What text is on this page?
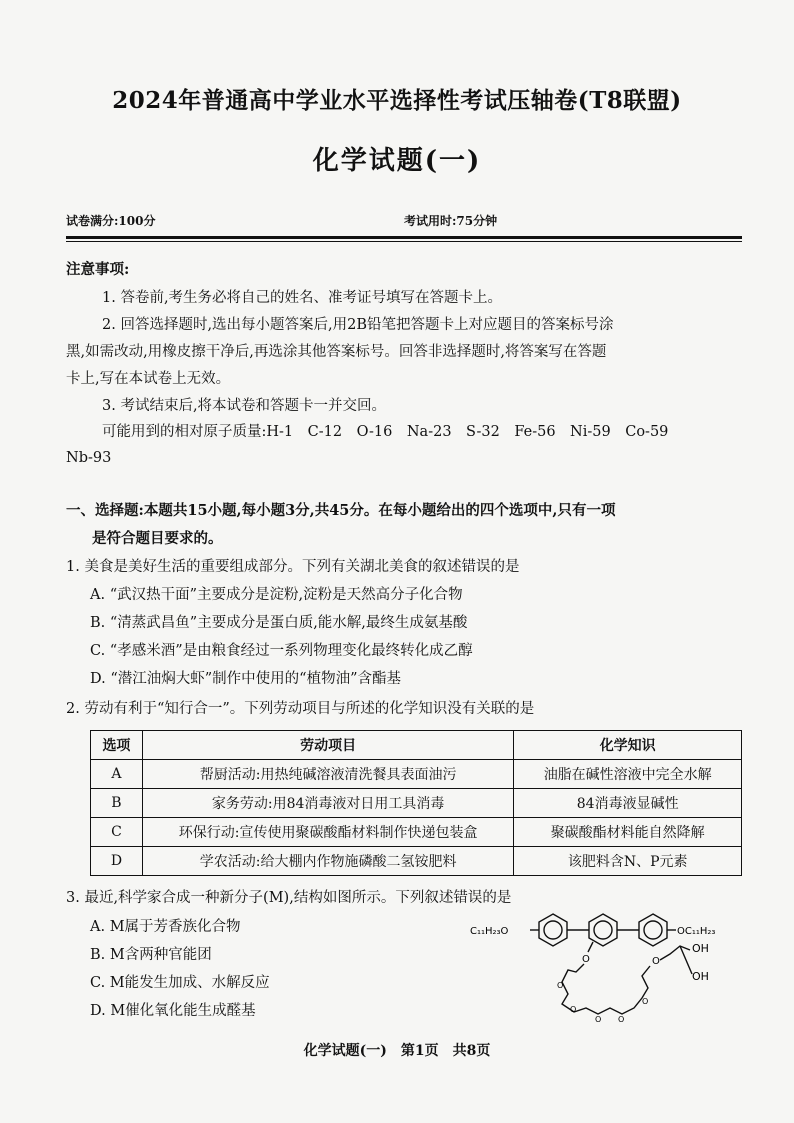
2024年普通高中学业水平选择性考试压轴卷(T8联盟)
化学试题(一)
试卷满分:100分	考试用时:75分钟
注意事项:
1. 答卷前,考生务必将自己的姓名、准考证号填写在答题卡上。
2. 回答选择题时,选出每小题答案后,用2B铅笔把答题卡上对应题目的答案标号涂
黑,如需改动,用橡皮擦干净后,再选涂其他答案标号。回答非选择题时,将答案写在答题
卡上,写在本试卷上无效。
3. 考试结束后,将本试卷和答题卡一并交回。
可能用到的相对原子质量:H-1　C-12　O-16　Na-23　S-32　Fe-56　Ni-59　Co-59
Nb-93
一、选择题:本题共15小题,每小题3分,共45分。在每小题给出的四个选项中,只有一项
是符合题目要求的。
1. 美食是美好生活的重要组成部分。下列有关湖北美食的叙述错误的是
A. “武汉热干面”主要成分是淀粉,淀粉是天然高分子化合物
B. “清蒸武昌鱼”主要成分是蛋白质,能水解,最终生成氨基酸
C. “孝感米酒”是由粮食经过一系列物理变化最终转化成乙醇
D. “潜江油焖大虾”制作中使用的“植物油”含酯基
2. 劳动有利于“知行合一”。下列劳动项目与所述的化学知识没有关联的是
选项	劳动项目	化学知识
A	帮厨活动:用热纯碱溶液清洗餐具表面油污	油脂在碱性溶液中完全水解
B	家务劳动:用84消毒液对日用工具消毒	84消毒液显碱性
C	环保行动:宣传使用聚碳酸酯材料制作快递包装盒	聚碳酸酯材料能自然降解
D	学农活动:给大棚内作物施磷酸二氢铵肥料	该肥料含N、P元素
3. 最近,科学家合成一种新分子(M),结构如图所示。下列叙述错误的是
A. M属于芳香族化合物
B. M含两种官能团
C. M能发生加成、水解反应
D. M催化氧化能生成醛基
C₁₁H₂₃O	OC₁₁H₂₃
O	O
OH
OH
O
O
O O
O
化学试题(一)　第1页　共8页
